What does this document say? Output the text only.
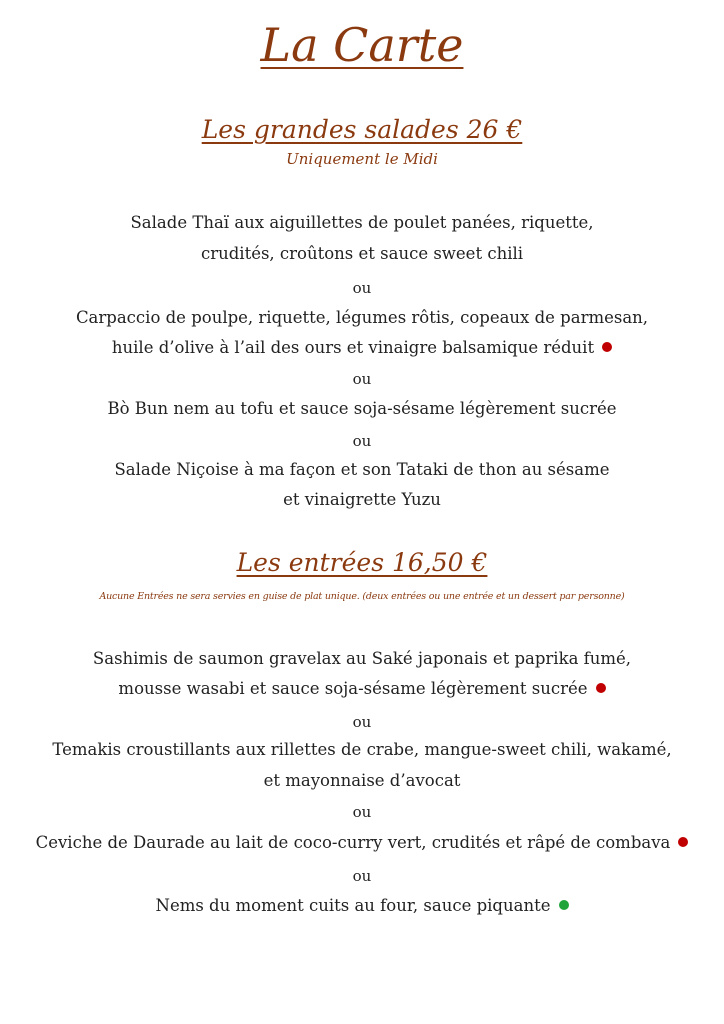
La Carte
Les grandes salades 26 €
Uniquement le Midi
Salade Thaï aux aiguillettes de poulet panées, riquette,
crudités, croûtons et sauce sweet chili
ou
Carpaccio de poulpe, riquette, légumes rôtis, copeaux de parmesan,
huile d’olive à l’ail des ours et vinaigre balsamique réduit
ou
Bò Bun nem au tofu et sauce soja-sésame légèrement sucrée
ou
Salade Niçoise à ma façon et son Tataki de thon au sésame
et vinaigrette Yuzu
Les entrées 16,50 €
Aucune Entrées ne sera servies en guise de plat unique. (deux entrées ou une entrée et un dessert par personne)
Sashimis de saumon gravelax au Saké japonais et paprika fumé,
mousse wasabi et sauce soja-sésame légèrement sucrée
ou
Temakis croustillants aux rillettes de crabe, mangue-sweet chili, wakamé,
et mayonnaise d’avocat
ou
Ceviche de Daurade au lait de coco-curry vert, crudités et râpé de combava
ou
Nems du moment cuits au four, sauce piquante
